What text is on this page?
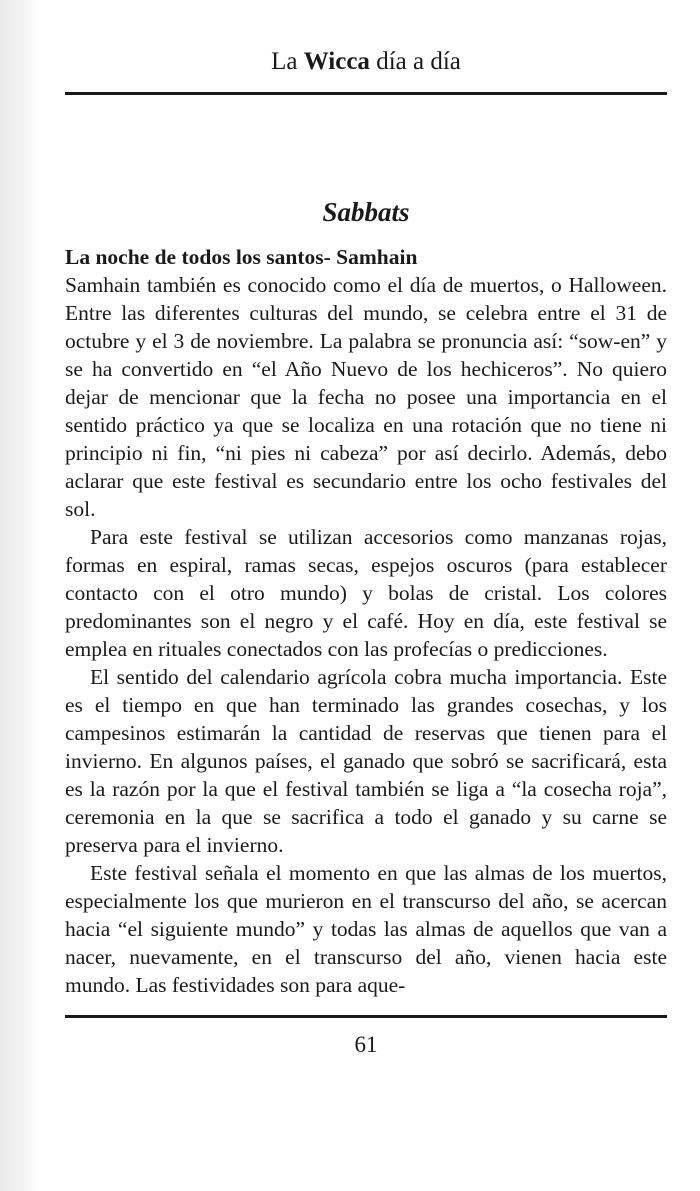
La Wicca día a día
Sabbats
La noche de todos los santos- Samhain

Samhain también es conocido como el día de muertos, o Halloween. Entre las diferentes culturas del mundo, se celebra entre el 31 de octubre y el 3 de noviembre. La palabra se pronuncia así: “sow-en” y se ha convertido en “el Año Nuevo de los hechiceros”. No quiero dejar de mencionar que la fecha no posee una importancia en el sentido práctico ya que se localiza en una rotación que no tiene ni principio ni fin, “ni pies ni cabeza” por así decirlo. Además, debo aclarar que este festival es secundario entre los ocho festivales del sol.

Para este festival se utilizan accesorios como manzanas rojas, formas en espiral, ramas secas, espejos oscuros (para establecer contacto con el otro mundo) y bolas de cristal. Los colores predominantes son el negro y el café. Hoy en día, este festival se emplea en rituales conectados con las profecías o predicciones.

El sentido del calendario agrícola cobra mucha importancia. Este es el tiempo en que han terminado las grandes cosechas, y los campesinos estimarán la cantidad de reservas que tienen para el invierno. En algunos países, el ganado que sobró se sacrificará, esta es la razón por la que el festival también se liga a “la cosecha roja”, ceremonia en la que se sacrifica a todo el ganado y su carne se preserva para el invierno.

Este festival señala el momento en que las almas de los muertos, especialmente los que murieron en el transcurso del año, se acercan hacia “el siguiente mundo” y todas las almas de aquellos que van a nacer, nuevamente, en el transcurso del año, vienen hacia este mundo. Las festividades son para aque-

61
